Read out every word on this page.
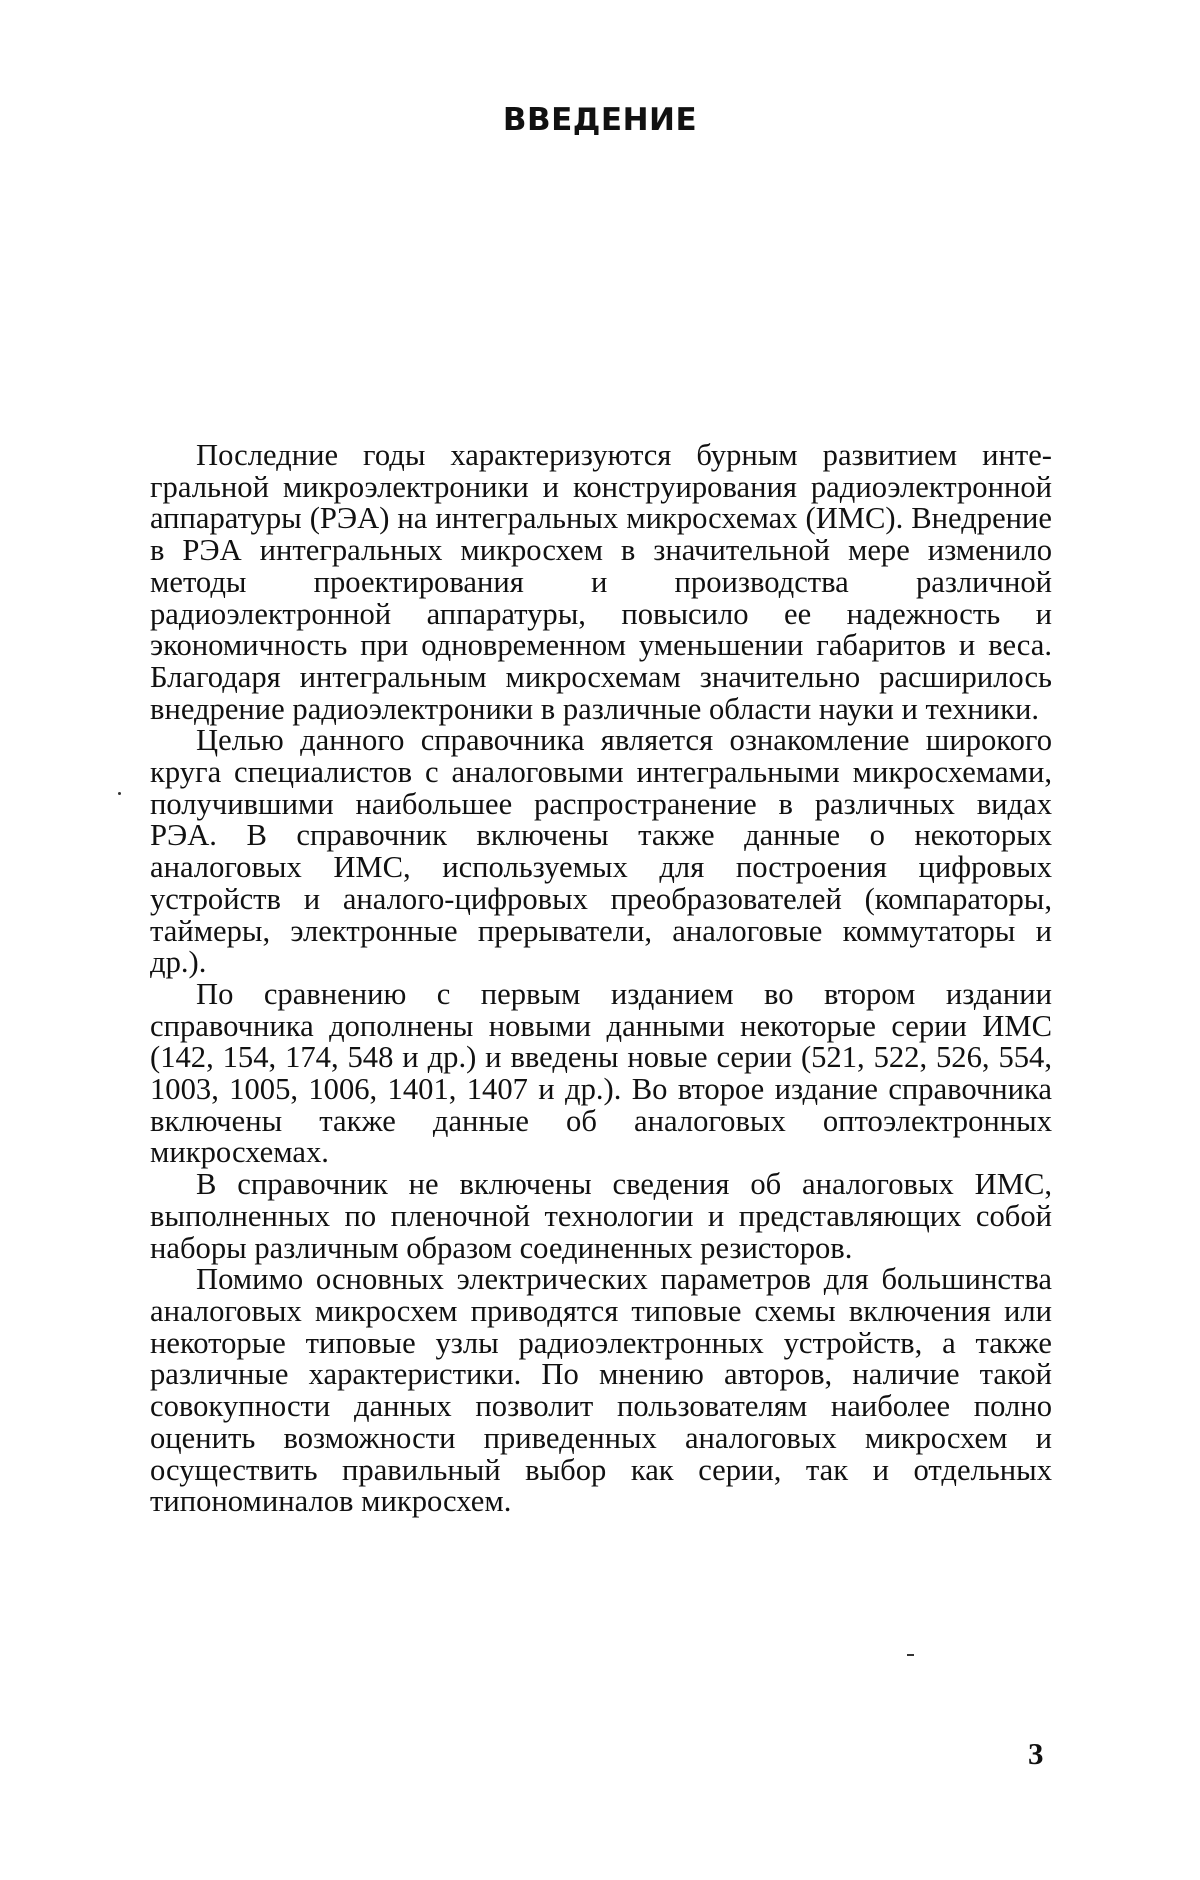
ВВЕДЕНИЕ

Последние годы характеризуются бурным развитием интегральной микроэлектроники и конструирования радиоэлектронной аппаратуры (РЭА) на интегральных микросхемах (ИМС). Внедрение в РЭА интегральных микросхем в значительной мере изменило методы проектирования и производства различной радиоэлектронной аппаратуры, повысило ее надежность и экономичность при одновременном уменьшении габаритов и веса. Благодаря интегральным микросхемам значительно расширилось внедрение радиоэлектроники в различные области науки и техники.

Целью данного справочника является ознакомление широкого круга специалистов с аналоговыми интегральными микросхемами, получившими наибольшее распространение в различных видах РЭА. В справочник включены также данные о некоторых аналоговых ИМС, используемых для построения цифровых устройств и аналого-цифровых преобразователей (компараторы, таймеры, электронные прерыватели, аналоговые коммутаторы и др.).

По сравнению с первым изданием во втором издании справочника дополнены новыми данными некоторые серии ИМС (142, 154, 174, 548 и др.) и введены новые серии (521, 522, 526, 554, 1003, 1005, 1006, 1401, 1407 и др.). Во второе издание справочника включены также данные об аналоговых оптоэлектронных микросхемах.

В справочник не включены сведения об аналоговых ИМС, выполненных по пленочной технологии и представляющих собой наборы различным образом соединенных резисторов.

Помимо основных электрических параметров для большинства аналоговых микросхем приводятся типовые схемы включения или некоторые типовые узлы радиоэлектронных устройств, а также различные характеристики. По мнению авторов, наличие такой совокупности данных позволит пользователям наиболее полно оценить возможности приведенных аналоговых микросхем и осуществить правильный выбор как серии, так и отдельных типономиналов микросхем.

3
